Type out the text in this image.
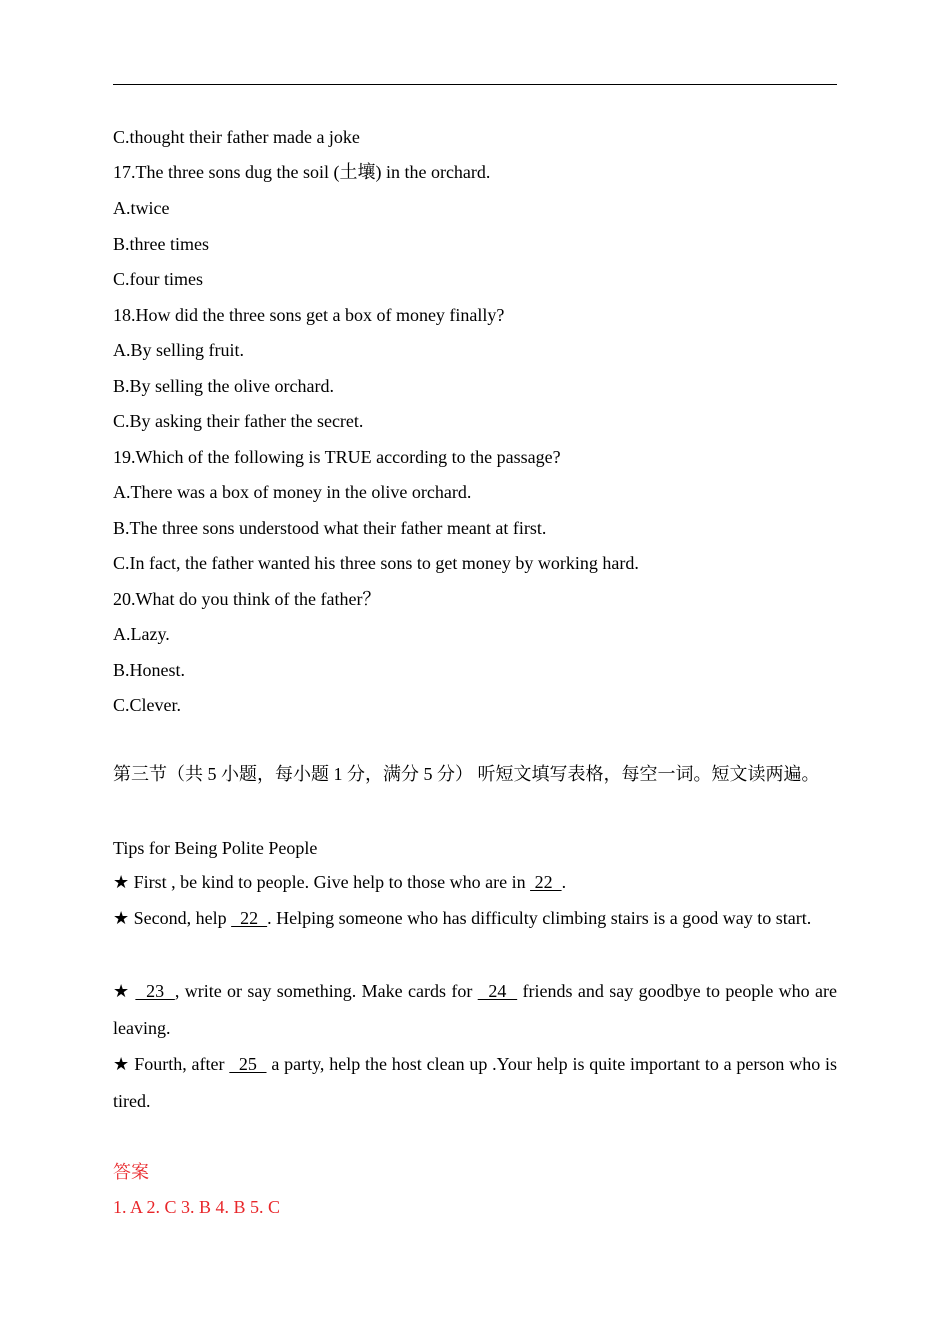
C.thought their father made a joke
17.The three sons dug the soil (土壤) in the orchard.
A.twice
B.three times
C.four times
18.How did the three sons get a box of money finally?
A.By selling fruit.
B.By selling the olive orchard.
C.By asking their father the secret.
19.Which of the following is TRUE according to the passage?
A.There was a box of money in the olive orchard.
B.The three sons understood what their father meant at first.
C.In fact, the father wanted his three sons to get money by working hard.
20.What do you think of the father？
A.Lazy.
B.Honest.
C.Clever.
第三节（共 5 小题，每小题 1 分，满分 5 分） 听短文填写表格，每空一词。短文读两遍。
Tips for Being Polite People
★ First , be kind to people. Give help to those who are in  22  .
★ Second, help   22  . Helping someone who has difficulty climbing stairs is a good way to start.
★   23  , write or say something. Make cards for   24   friends and say goodbye to people who are leaving.
★ Fourth, after   25   a party, help the host clean up .Your help is quite important to a person who is tired.
答案
1. A 2. C 3. B 4. B 5. C
